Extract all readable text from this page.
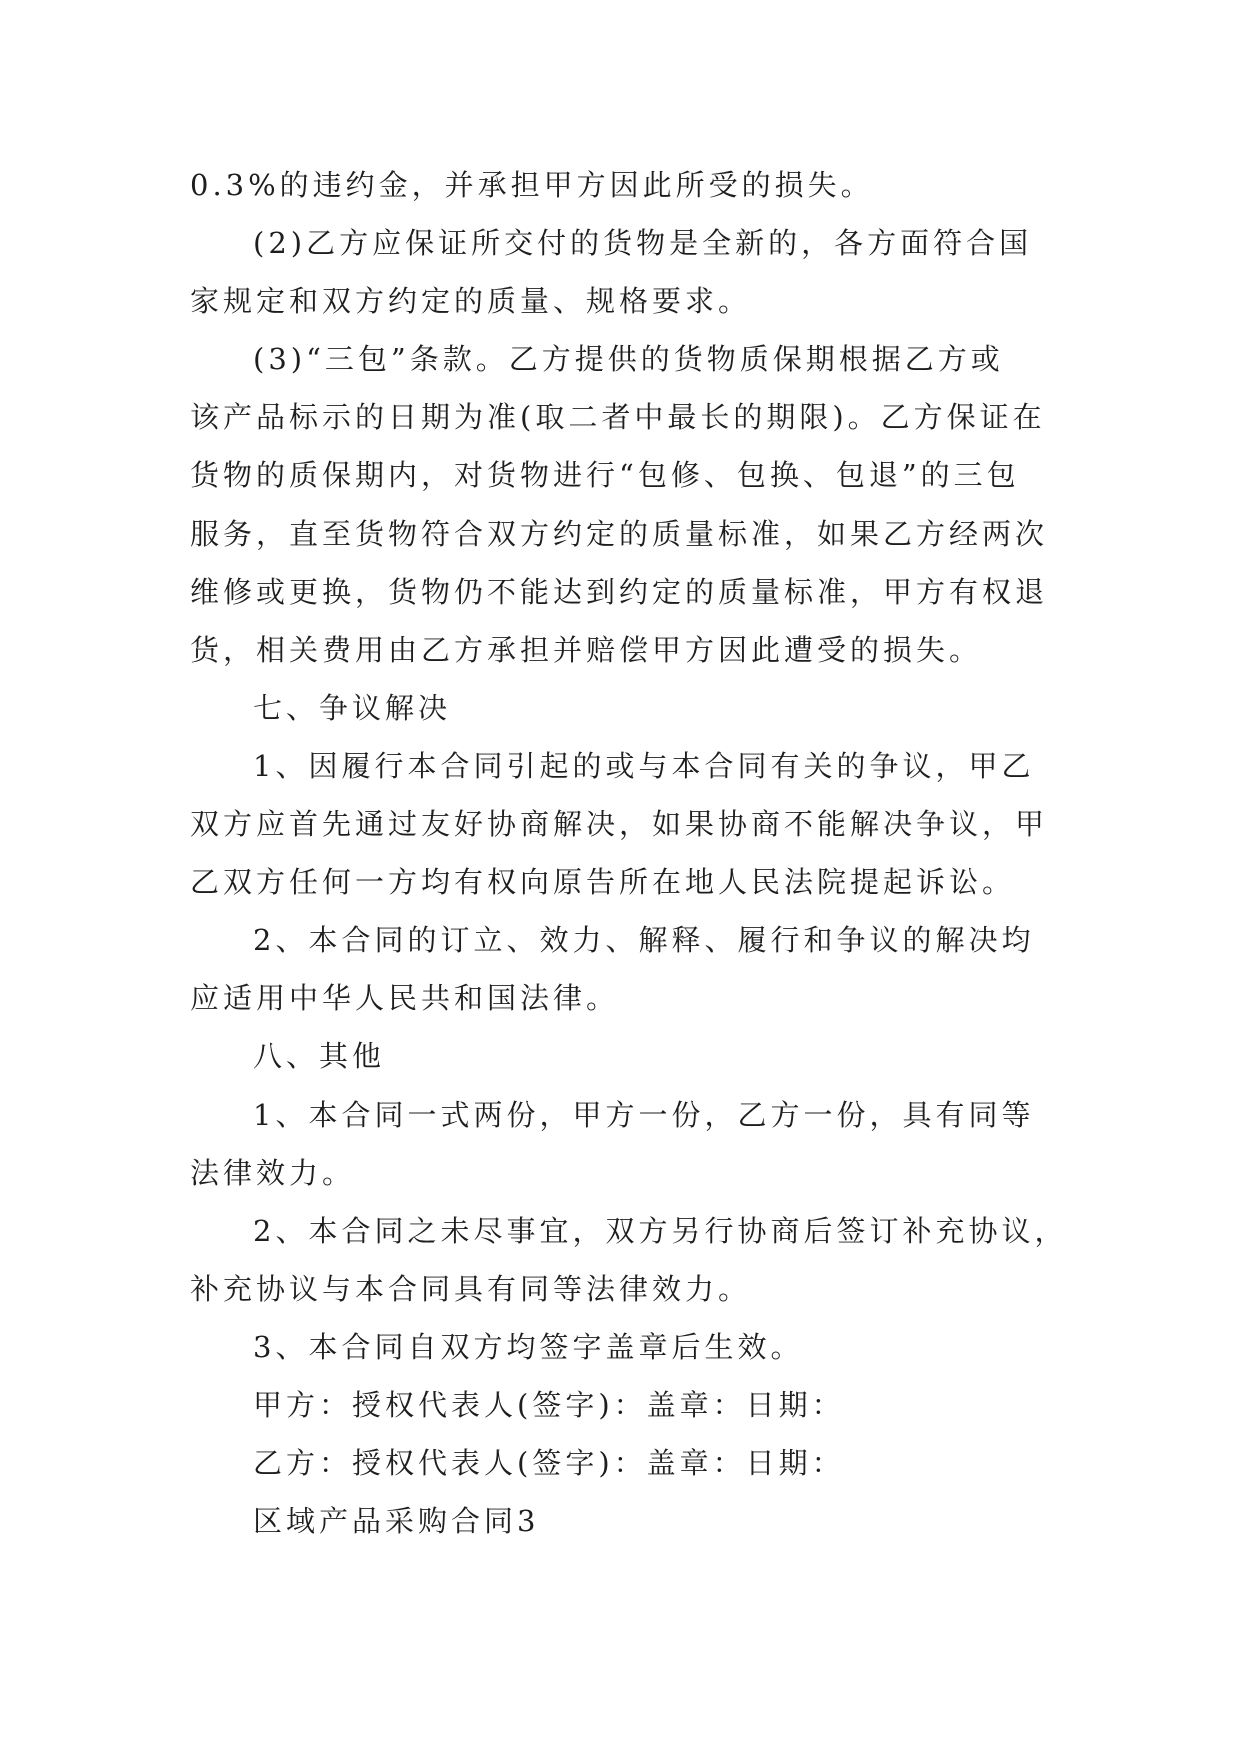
0.3%的违约金，并承担甲方因此所受的损失。
(2)乙方应保证所交付的货物是全新的，各方面符合国
家规定和双方约定的质量、规格要求。
(3)“三包”条款。乙方提供的货物质保期根据乙方或
该产品标示的日期为准(取二者中最长的期限)。乙方保证在
货物的质保期内，对货物进行“包修、包换、包退”的三包
服务，直至货物符合双方约定的质量标准，如果乙方经两次
维修或更换，货物仍不能达到约定的质量标准，甲方有权退
货，相关费用由乙方承担并赔偿甲方因此遭受的损失。
七、争议解决
1、因履行本合同引起的或与本合同有关的争议，甲乙
双方应首先通过友好协商解决，如果协商不能解决争议，甲
乙双方任何一方均有权向原告所在地人民法院提起诉讼。
2、本合同的订立、效力、解释、履行和争议的解决均
应适用中华人民共和国法律。
八、其他
1、本合同一式两份，甲方一份，乙方一份，具有同等
法律效力。
2、本合同之未尽事宜，双方另行协商后签订补充协议，
补充协议与本合同具有同等法律效力。
3、本合同自双方均签字盖章后生效。
甲方：授权代表人(签字)：盖章：日期：
乙方：授权代表人(签字)：盖章：日期：
区域产品采购合同3
